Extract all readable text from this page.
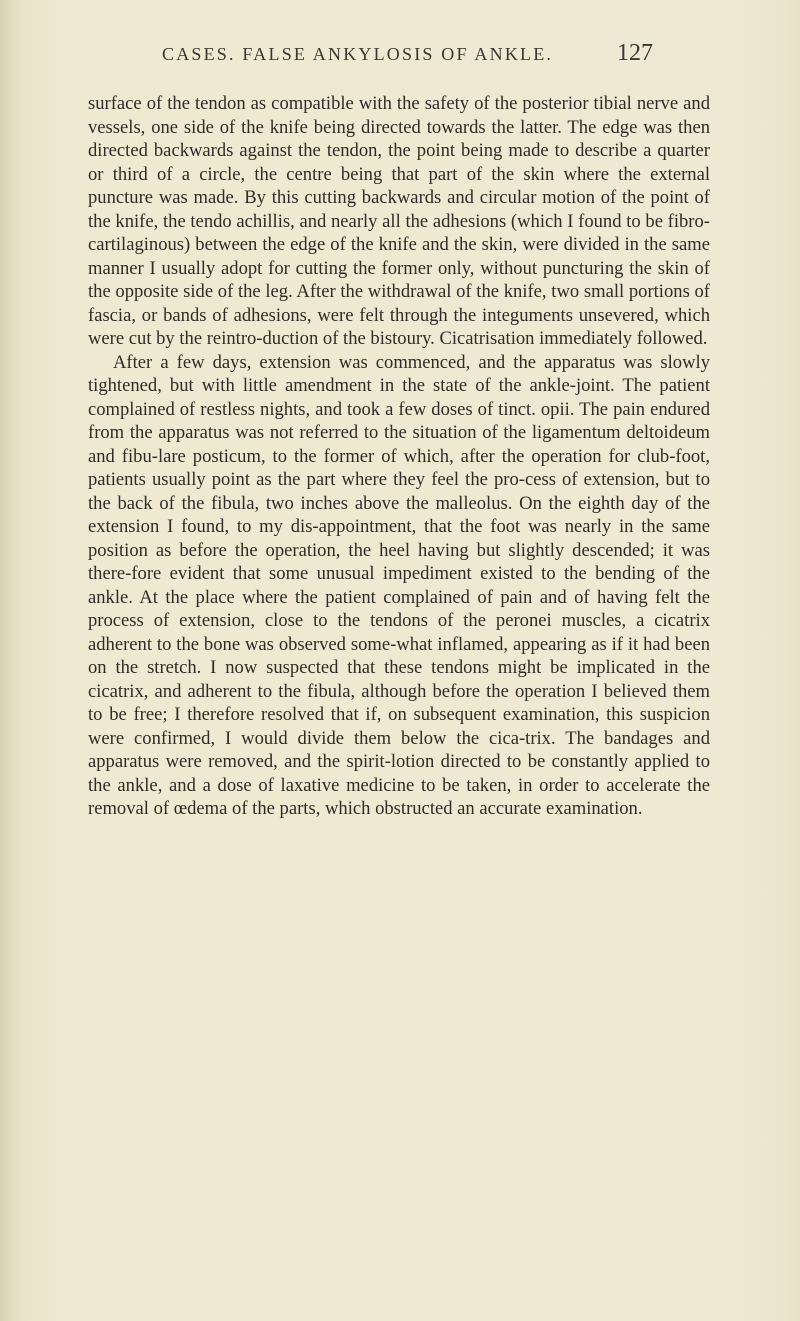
CASES. FALSE ANKYLOSIS OF ANKLE.	127

surface of the tendon as compatible with the safety of the posterior tibial nerve and vessels, one side of the knife being directed towards the latter. The edge was then directed backwards against the tendon, the point being made to describe a quarter or third of a circle, the centre being that part of the skin where the external puncture was made. By this cutting backwards and circular motion of the point of the knife, the tendo achillis, and nearly all the adhesions (which I found to be fibro-cartilaginous) between the edge of the knife and the skin, were divided in the same manner I usually adopt for cutting the former only, without puncturing the skin of the opposite side of the leg. After the withdrawal of the knife, two small portions of fascia, or bands of adhesions, were felt through the integuments unsevered, which were cut by the reintro-duction of the bistoury. Cicatrisation immediately followed.

After a few days, extension was commenced, and the apparatus was slowly tightened, but with little amendment in the state of the ankle-joint. The patient complained of restless nights, and took a few doses of tinct. opii. The pain endured from the apparatus was not referred to the situation of the ligamentum deltoideum and fibu-lare posticum, to the former of which, after the operation for club-foot, patients usually point as the part where they feel the pro-cess of extension, but to the back of the fibula, two inches above the malleolus. On the eighth day of the extension I found, to my dis-appointment, that the foot was nearly in the same position as before the operation, the heel having but slightly descended; it was there-fore evident that some unusual impediment existed to the bending of the ankle. At the place where the patient complained of pain and of having felt the process of extension, close to the tendons of the peronei muscles, a cicatrix adherent to the bone was observed some-what inflamed, appearing as if it had been on the stretch. I now suspected that these tendons might be implicated in the cicatrix, and adherent to the fibula, although before the operation I believed them to be free; I therefore resolved that if, on subsequent examination, this suspicion were confirmed, I would divide them below the cica-trix. The bandages and apparatus were removed, and the spirit-lotion directed to be constantly applied to the ankle, and a dose of laxative medicine to be taken, in order to accelerate the removal of œdema of the parts, which obstructed an accurate examination.
